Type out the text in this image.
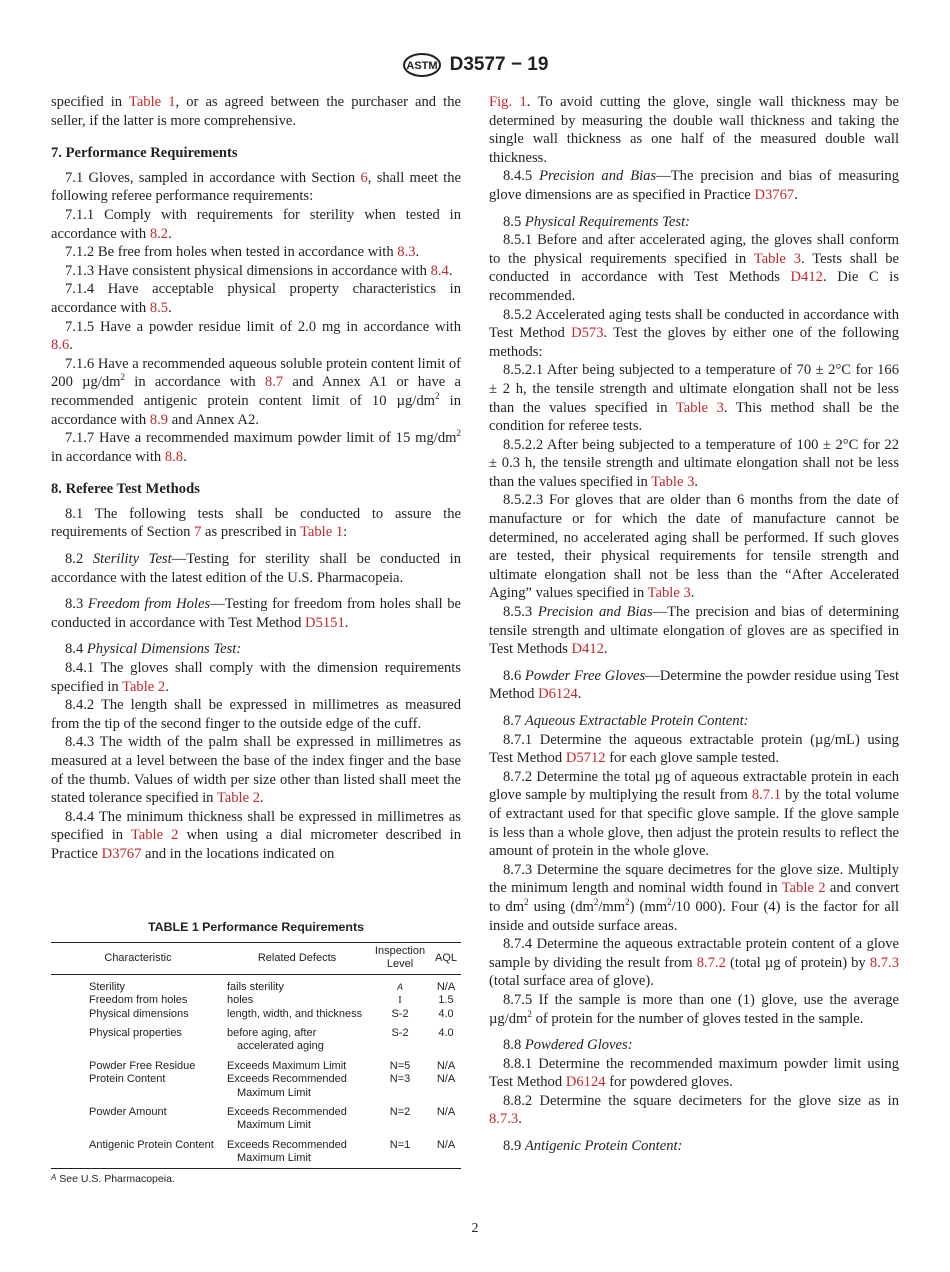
ASTM D3577 − 19

specified in Table 1, or as agreed between the purchaser and the seller, if the latter is more comprehensive.

7. Performance Requirements

7.1 Gloves, sampled in accordance with Section 6, shall meet the following referee performance requirements:

7.1.1 Comply with requirements for sterility when tested in accordance with 8.2.

7.1.2 Be free from holes when tested in accordance with 8.3.

7.1.3 Have consistent physical dimensions in accordance with 8.4.

7.1.4 Have acceptable physical property characteristics in accordance with 8.5.

7.1.5 Have a powder residue limit of 2.0 mg in accordance with 8.6.

7.1.6 Have a recommended aqueous soluble protein content limit of 200 $\mu g/dm^2$ in accordance with 8.7 and Annex A1 or have a recommended antigenic protein content limit of 10 $\mu g/dm^2$ in accordance with 8.9 and Annex A2.

7.1.7 Have a recommended maximum powder limit of 15 $mg/dm^2$ in accordance with 8.8.

8. Referee Test Methods

8.1 The following tests shall be conducted to assure the requirements of Section 7 as prescribed in Table 1:

8.2 Sterility Test—Testing for sterility shall be conducted in accordance with the latest edition of the U.S. Pharmacopeia.

8.3 Freedom from Holes—Testing for freedom from holes shall be conducted in accordance with Test Method D5151.

8.4 Physical Dimensions Test:

8.4.1 The gloves shall comply with the dimension requirements specified in Table 2.

8.4.2 The length shall be expressed in millimetres as measured from the tip of the second finger to the outside edge of the cuff.

8.4.3 The width of the palm shall be expressed in millimetres as measured at a level between the base of the index finger and the base of the thumb. Values of width per size other than listed shall meet the stated tolerance specified in Table 2.

8.4.4 The minimum thickness shall be expressed in millimetres as specified in Table 2 when using a dial micrometer described in Practice D3767 and in the locations indicated on

TABLE 1 Performance Requirements
Characteristic	Related Defects	Inspection Level	AQL
Sterility	fails sterility	$^A$	N/A
Freedom from holes	holes	I	1.5
Physical dimensions	length, width, and thickness	S-2	4.0
Physical properties	before aging, after accelerated aging	S-2	4.0
Powder Free Residue	Exceeds Maximum Limit	N=5	N/A
Protein Content	Exceeds Recommended Maximum Limit	N=3	N/A
Powder Amount	Exceeds Recommended Maximum Limit	N=2	N/A
Antigenic Protein Content	Exceeds Recommended Maximum Limit	N=1	N/A
$^A$ See U.S. Pharmacopeia.

Fig. 1. To avoid cutting the glove, single wall thickness may be determined by measuring the double wall thickness and taking the single wall thickness as one half of the measured double wall thickness.

8.4.5 Precision and Bias—The precision and bias of measuring glove dimensions are as specified in Practice D3767.

8.5 Physical Requirements Test:

8.5.1 Before and after accelerated aging, the gloves shall conform to the physical requirements specified in Table 3. Tests shall be conducted in accordance with Test Methods D412. Die C is recommended.

8.5.2 Accelerated aging tests shall be conducted in accordance with Test Method D573. Test the gloves by either one of the following methods:

8.5.2.1 After being subjected to a temperature of 70 ± 2°C for 166 ± 2 h, the tensile strength and ultimate elongation shall not be less than the values specified in Table 3. This method shall be the condition for referee tests.

8.5.2.2 After being subjected to a temperature of 100 ± 2°C for 22 ± 0.3 h, the tensile strength and ultimate elongation shall not be less than the values specified in Table 3.

8.5.2.3 For gloves that are older than 6 months from the date of manufacture or for which the date of manufacture cannot be determined, no accelerated aging shall be performed. If such gloves are tested, their physical requirements for tensile strength and ultimate elongation shall not be less than the “After Accelerated Aging” values specified in Table 3.

8.5.3 Precision and Bias—The precision and bias of determining tensile strength and ultimate elongation of gloves are as specified in Test Methods D412.

8.6 Powder Free Gloves—Determine the powder residue using Test Method D6124.

8.7 Aqueous Extractable Protein Content:

8.7.1 Determine the aqueous extractable protein (µg/mL) using Test Method D5712 for each glove sample tested.

8.7.2 Determine the total µg of aqueous extractable protein in each glove sample by multiplying the result from 8.7.1 by the total volume of extractant used for that specific glove sample. If the glove sample is less than a whole glove, then adjust the protein results to reflect the amount of protein in the whole glove.

8.7.3 Determine the square decimetres for the glove size. Multiply the minimum length and nominal width found in Table 2 and convert to $dm^2$ using $(dm^2/mm^2)$ ($mm^2/10$ 000). Four (4) is the factor for all inside and outside surface areas.

8.7.4 Determine the aqueous extractable protein content of a glove sample by dividing the result from 8.7.2 (total µg of protein) by 8.7.3 (total surface area of glove).

8.7.5 If the sample is more than one (1) glove, use the average $\mu g/dm^2$ of protein for the number of gloves tested in the sample.

8.8 Powdered Gloves:

8.8.1 Determine the recommended maximum powder limit using Test Method D6124 for powdered gloves.

8.8.2 Determine the square decimeters for the glove size as in 8.7.3.

8.9 Antigenic Protein Content:

2
